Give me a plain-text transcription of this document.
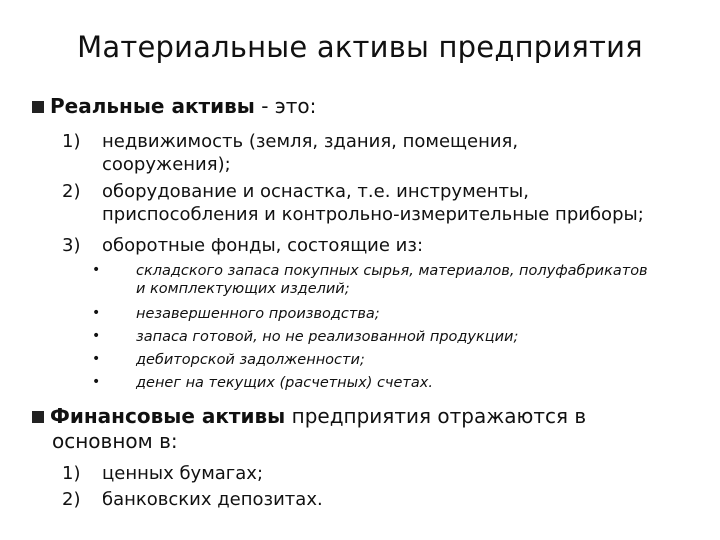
Материальные активы предприятия
Реальные активы - это:
1) недвижимость (земля, здания, помещения,
сооружения);
2) оборудование и оснастка, т.е. инструменты,
приспособления и контрольно-измерительные приборы;
3) оборотные фонды, состоящие из:
• складского запаса покупных сырья, материалов, полуфабрикатов
и комплектующих изделий;
• незавершенного производства;
• запаса готовой, но не реализованной продукции;
• дебиторской задолженности;
• денег на текущих (расчетных) счетах.
Финансовые активы предприятия отражаются в
основном в:
1) ценных бумагах;
2) банковских депозитах.
